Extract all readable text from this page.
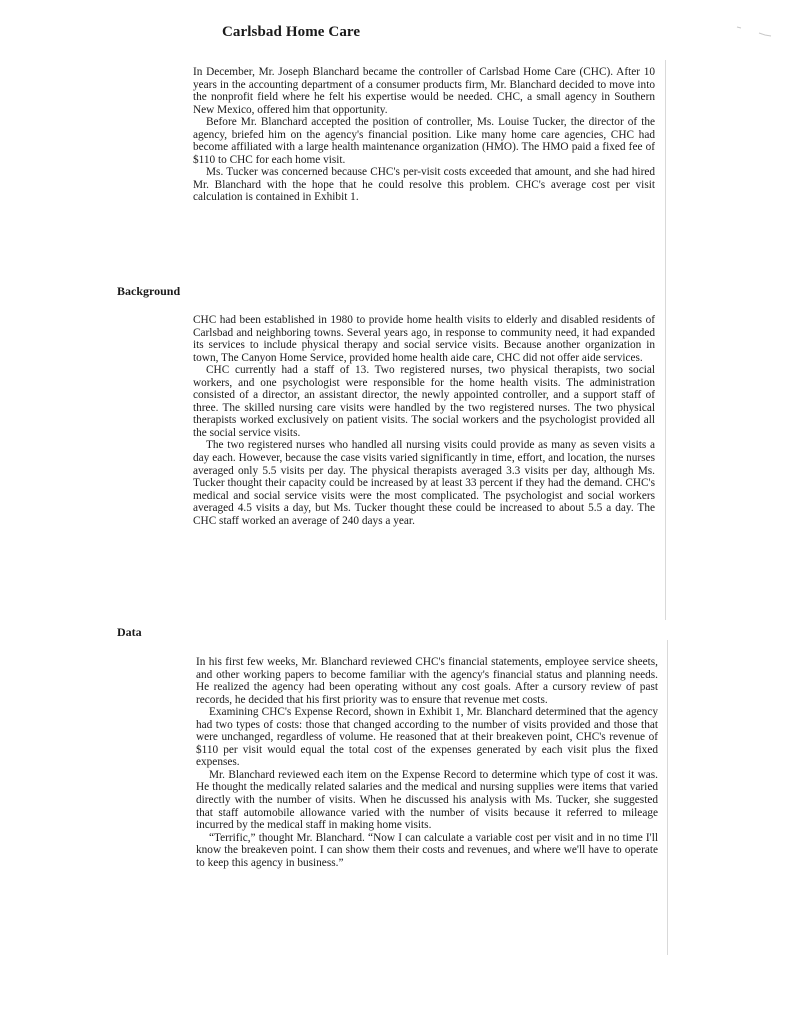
Carlsbad Home Care

In December, Mr. Joseph Blanchard became the controller of Carlsbad Home Care (CHC). After 10 years in the accounting department of a consumer products firm, Mr. Blanchard decided to move into the nonprofit field where he felt his expertise would be needed. CHC, a small agency in Southern New Mexico, offered him that opportunity.

Before Mr. Blanchard accepted the position of controller, Ms. Louise Tucker, the director of the agency, briefed him on the agency's financial position. Like many home care agencies, CHC had become affiliated with a large health maintenance organization (HMO). The HMO paid a fixed fee of $110 to CHC for each home visit.

Ms. Tucker was concerned because CHC's per-visit costs exceeded that amount, and she had hired Mr. Blanchard with the hope that he could resolve this problem. CHC's average cost per visit calculation is contained in Exhibit 1.

Background

CHC had been established in 1980 to provide home health visits to elderly and disabled residents of Carlsbad and neighboring towns. Several years ago, in response to community need, it had expanded its services to include physical therapy and social service visits. Because another organization in town, The Canyon Home Service, provided home health aide care, CHC did not offer aide services.

CHC currently had a staff of 13. Two registered nurses, two physical therapists, two social workers, and one psychologist were responsible for the home health visits. The administration consisted of a director, an assistant director, the newly appointed controller, and a support staff of three. The skilled nursing care visits were handled by the two registered nurses. The two physical therapists worked exclusively on patient visits. The social workers and the psychologist provided all the social service visits.

The two registered nurses who handled all nursing visits could provide as many as seven visits a day each. However, because the case visits varied significantly in time, effort, and location, the nurses averaged only 5.5 visits per day. The physical therapists averaged 3.3 visits per day, although Ms. Tucker thought their capacity could be increased by at least 33 percent if they had the demand. CHC's medical and social service visits were the most complicated. The psychologist and social workers averaged 4.5 visits a day, but Ms. Tucker thought these could be increased to about 5.5 a day. The CHC staff worked an average of 240 days a year.

Data

In his first few weeks, Mr. Blanchard reviewed CHC's financial statements, employee service sheets, and other working papers to become familiar with the agency's financial status and planning needs. He realized the agency had been operating without any cost goals. After a cursory review of past records, he decided that his first priority was to ensure that revenue met costs.

Examining CHC's Expense Record, shown in Exhibit 1, Mr. Blanchard determined that the agency had two types of costs: those that changed according to the number of visits provided and those that were unchanged, regardless of volume. He reasoned that at their breakeven point, CHC's revenue of $110 per visit would equal the total cost of the expenses generated by each visit plus the fixed expenses.

Mr. Blanchard reviewed each item on the Expense Record to determine which type of cost it was. He thought the medically related salaries and the medical and nursing supplies were items that varied directly with the number of visits. When he discussed his analysis with Ms. Tucker, she suggested that staff automobile allowance varied with the number of visits because it referred to mileage incurred by the medical staff in making home visits.

“Terrific,” thought Mr. Blanchard. “Now I can calculate a variable cost per visit and in no time I'll know the breakeven point. I can show them their costs and revenues, and where we'll have to operate to keep this agency in business.”
